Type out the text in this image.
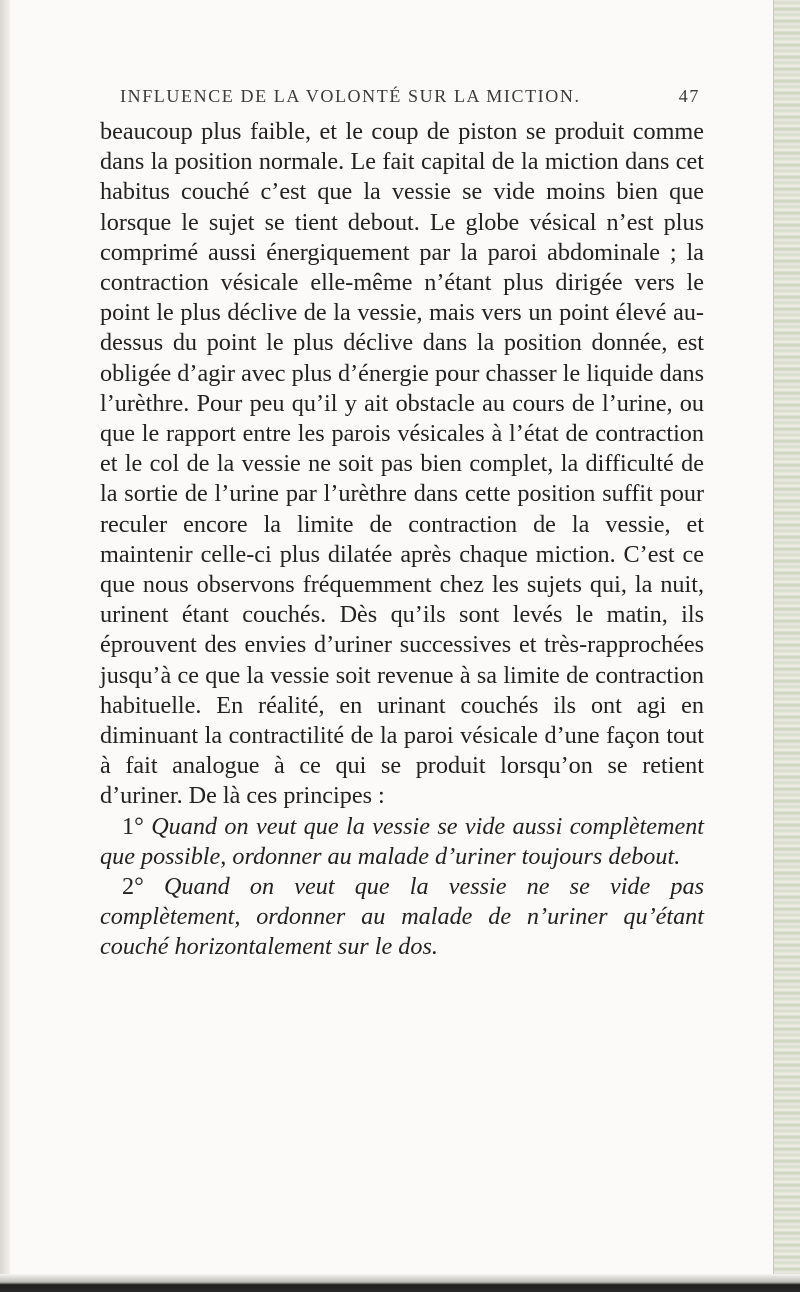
INFLUENCE DE LA VOLONTÉ SUR LA MICTION.	47

beaucoup plus faible, et le coup de piston se produit comme dans la position normale. Le fait capital de la miction dans cet habitus couché c’est que la vessie se vide moins bien que lorsque le sujet se tient debout. Le globe vésical n’est plus comprimé aussi énergiquement par la paroi abdominale ; la contraction vésicale elle-même n’étant plus dirigée vers le point le plus déclive de la vessie, mais vers un point élevé au-dessus du point le plus déclive dans la position donnée, est obligée d’agir avec plus d’énergie pour chasser le liquide dans l’urèthre. Pour peu qu’il y ait obstacle au cours de l’urine, ou que le rapport entre les parois vésicales à l’état de contraction et le col de la vessie ne soit pas bien complet, la difficulté de la sortie de l’urine par l’urèthre dans cette position suffit pour reculer encore la limite de contraction de la vessie, et maintenir celle-ci plus dilatée après chaque miction. C’est ce que nous observons fréquemment chez les sujets qui, la nuit, urinent étant couchés. Dès qu’ils sont levés le matin, ils éprouvent des envies d’uriner successives et très-rapprochées jusqu’à ce que la vessie soit revenue à sa limite de contraction habituelle. En réalité, en urinant couchés ils ont agi en diminuant la contractilité de la paroi vésicale d’une façon tout à fait analogue à ce qui se produit lorsqu’on se retient d’uriner. De là ces principes :

1° Quand on veut que la vessie se vide aussi complètement que possible, ordonner au malade d’uriner toujours debout.

2° Quand on veut que la vessie ne se vide pas complètement, ordonner au malade de n’uriner qu’étant couché horizontalement sur le dos.
